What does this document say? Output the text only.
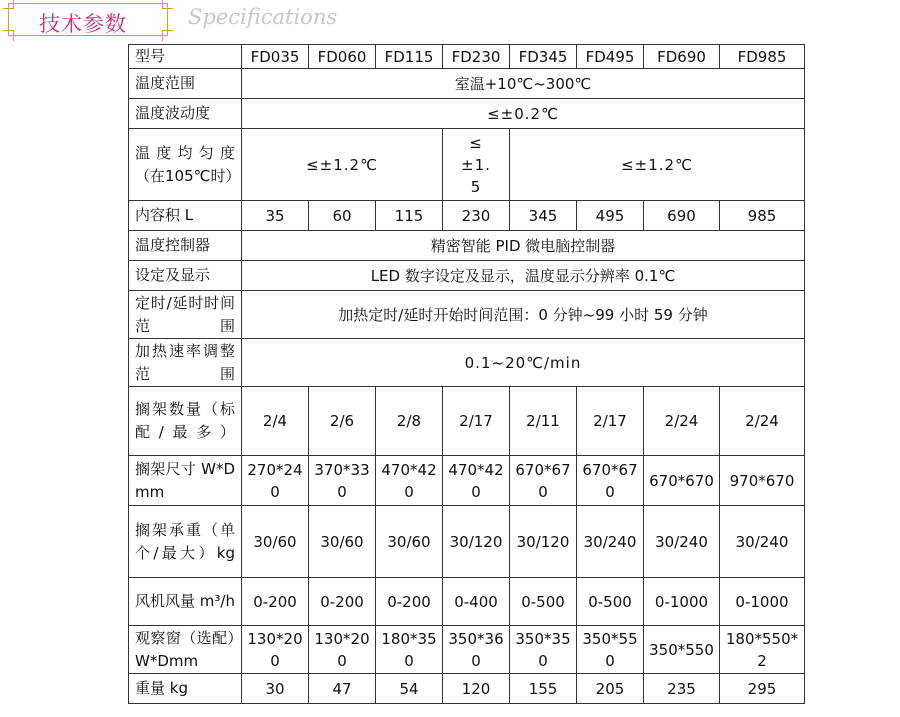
技术参数	Specifications
型号	FD035	FD060	FD115	FD230	FD345	FD495	FD690	FD985
温度范围	室温+10℃~300℃							
温度波动度	≤±0.2℃							
温度均匀度（在105℃时）	≤±1.2℃			≤±1.5	≤±1.2℃			
内容积 L	35	60	115	230	345	495	690	985
温度控制器	精密智能 PID 微电脑控制器							
设定及显示	LED 数字设定及显示，温度显示分辨率 0.1℃							
定时/延时时间范围	加热定时/延时开始时间范围：0 分钟~99 小时 59 分钟							
加热速率调整范围	0.1~20℃/min							
搁架数量（标配/最多）	2/4	2/6	2/8	2/17	2/11	2/17	2/24	2/24
搁架尺寸 W*Dmm	270*240	370*330	470*420	470*420	670*670	670*670	670*670	970*670
搁架承重（单个/最大）kg	30/60	30/60	30/60	30/120	30/120	30/240	30/240	30/240
风机风量 m³/h	0-200	0-200	0-200	0-400	0-500	0-500	0-1000	0-1000
观察窗（选配）W*Dmm	130*200	130*200	180*350	350*360	350*350	350*550	350*550	180*550*2
重量 kg	30	47	54	120	155	205	235	295
